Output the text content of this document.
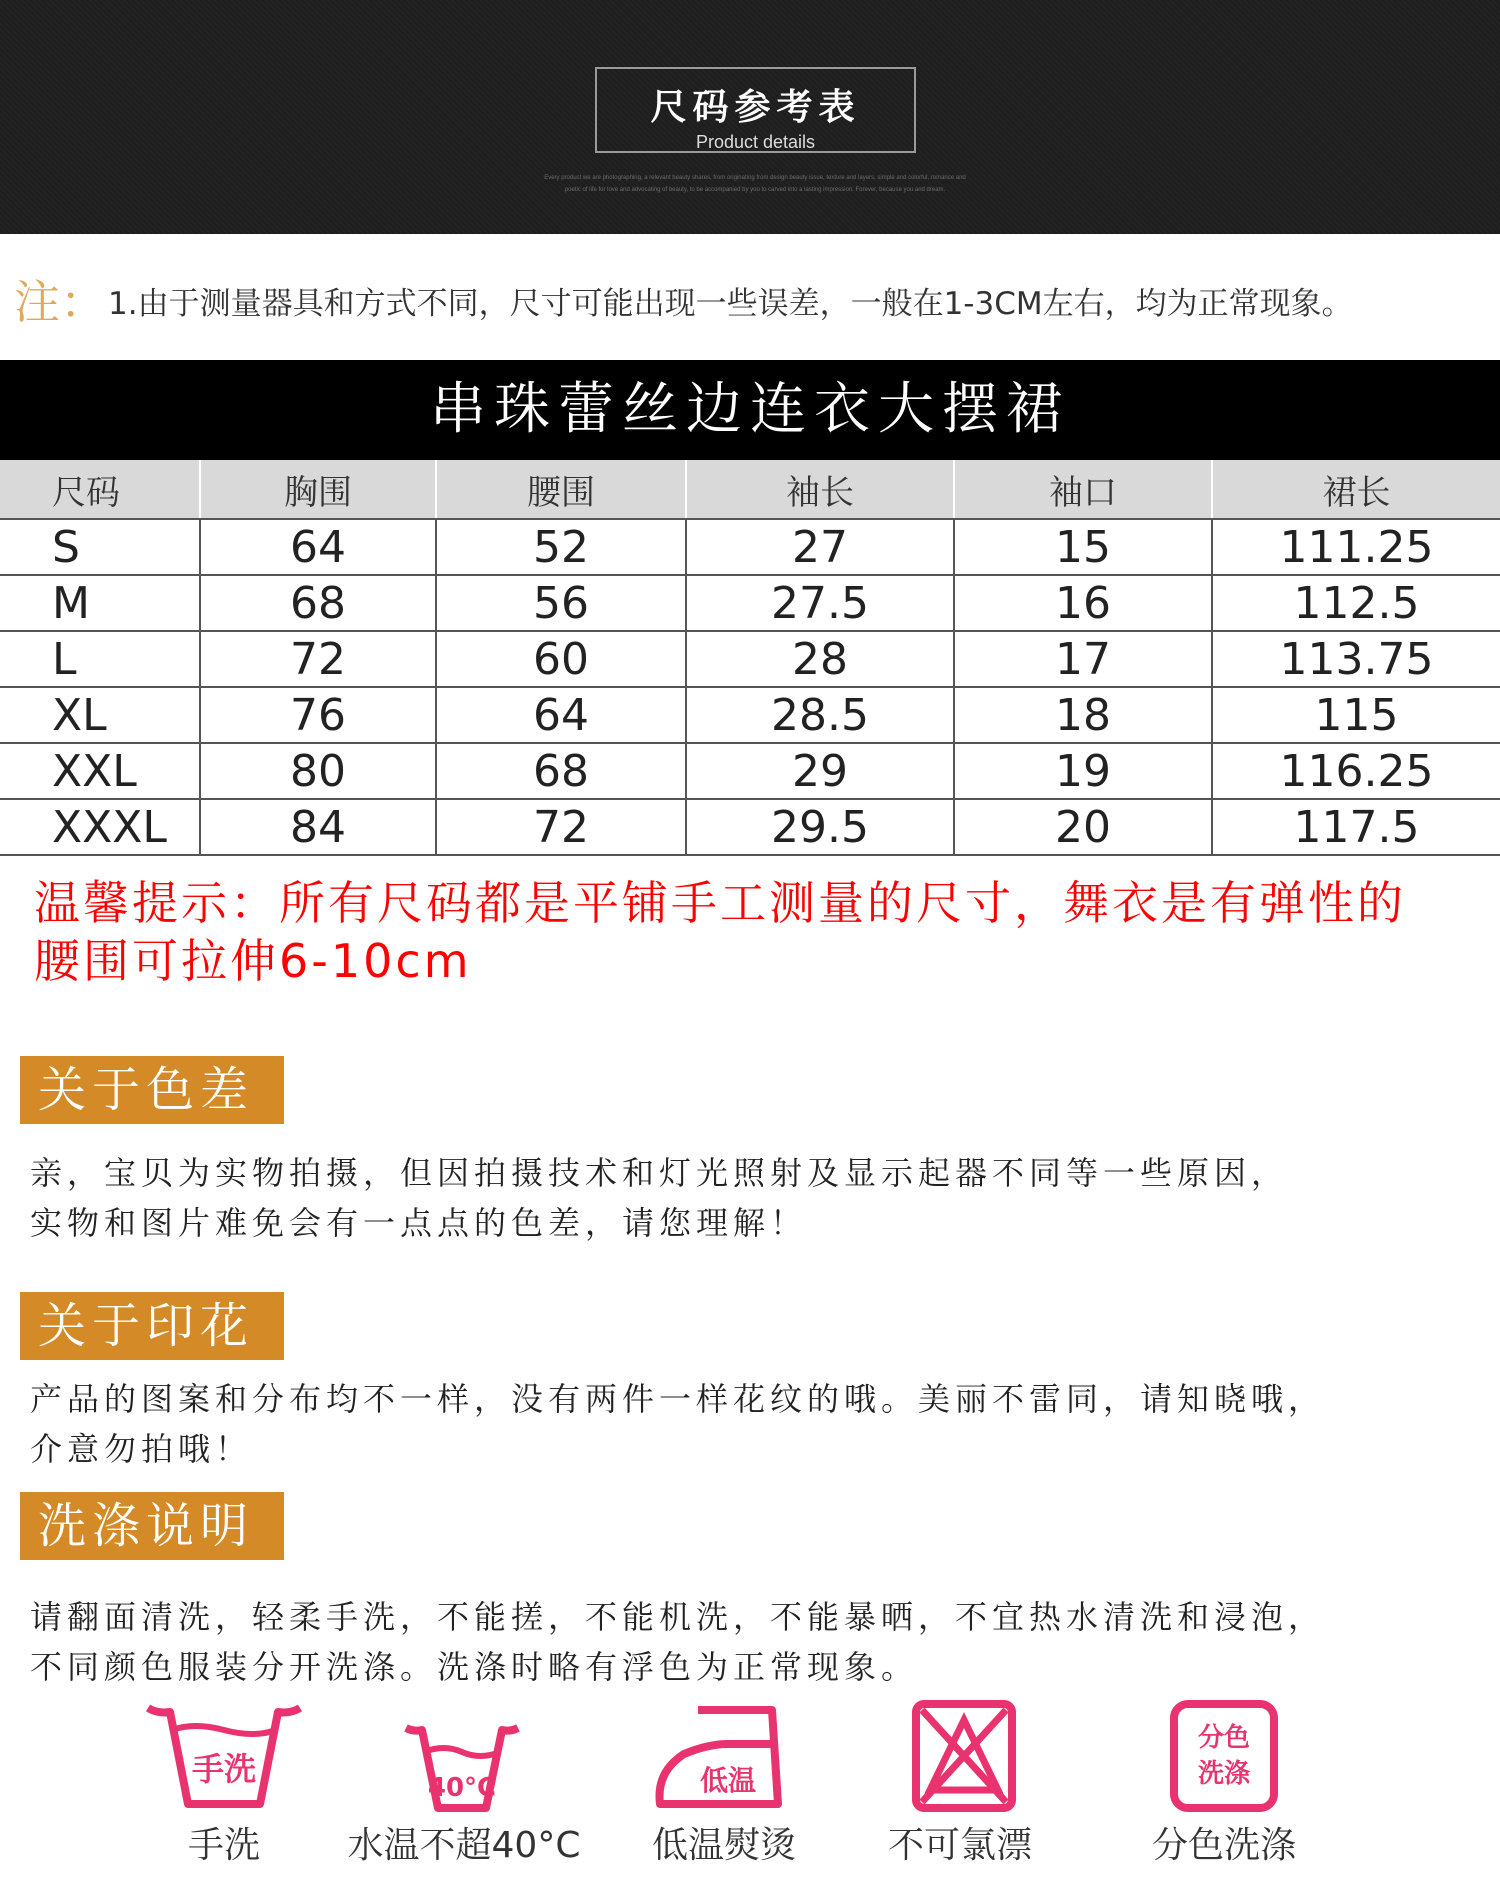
尺码参考表
Product details
Every product we are photographing, a relevant beauty shares, from originating from design beauty issue, texture and layers, simple and colorful, romance and
poetic of life for love and advocating of beauty, to be accompanied by you to carved into a lasting impression. Forever, because you and dream.
注： 1.由于测量器具和方式不同，尺寸可能出现一些误差，一般在1-3CM左右，均为正常现象。
串珠蕾丝边连衣大摆裙
尺码	胸围	腰围	袖长	袖口	裙长
S	64	52	27	15	111.25
M	68	56	27.5	16	112.5
L	72	60	28	17	113.75
XL	76	64	28.5	18	115
XXL	80	68	29	19	116.25
XXXL	84	72	29.5	20	117.5
温馨提示：所有尺码都是平铺手工测量的尺寸，舞衣是有弹性的
腰围可拉伸6-10cm
关于色差
亲，宝贝为实物拍摄，但因拍摄技术和灯光照射及显示起器不同等一些原因，
实物和图片难免会有一点点的色差，请您理解！
关于印花
产品的图案和分布均不一样，没有两件一样花纹的哦。美丽不雷同，请知晓哦，
介意勿拍哦！
洗涤说明
请翻面清洗，轻柔手洗，不能搓，不能机洗，不能暴晒，不宜热水清洗和浸泡，
不同颜色服装分开洗涤。洗涤时略有浮色为正常现象。
手洗	40°C	低温
分色
洗涤
手洗	水温不超40°C	低温熨烫	不可氯漂	分色洗涤
